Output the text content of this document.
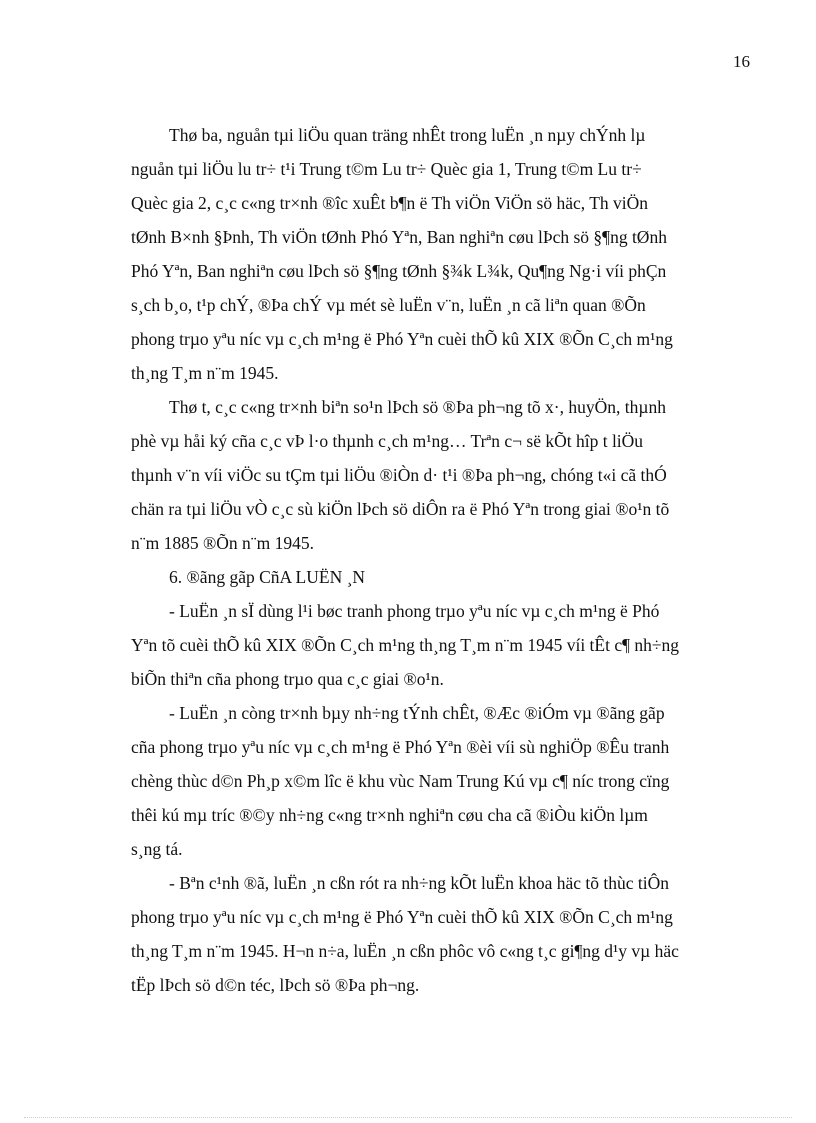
16
Thø ba, nguån tµi liÖu quan träng nhÊt trong luËn ¸n nµy chÝnh lµ
nguån tµi liÖu lu tr÷ t¹i Trung t©m Lu tr÷ Quèc gia 1, Trung t©m Lu tr÷
Quèc gia 2, c¸c c«ng tr×nh ®îc xuÊt b¶n ë Th viÖn ViÖn sö häc, Th viÖn
tØnh B×nh §Þnh, Th viÖn tØnh Phó Yªn, Ban nghiªn cøu lÞch sö §¶ng tØnh
Phó Yªn, Ban nghiªn cøu lÞch sö §¶ng tØnh §¾k L¾k, Qu¶ng Ng·i víi phÇn
s¸ch b¸o, t¹p chÝ, ®Þa chÝ vµ mét sè luËn v¨n, luËn ¸n cã liªn quan ®Õn
phong trµo yªu níc vµ c¸ch m¹ng ë Phó Yªn cuèi thÕ kû XIX ®Õn C¸ch m¹ng
th¸ng T¸m n¨m 1945.
Thø t, c¸c c«ng tr×nh biªn so¹n lÞch sö ®Þa ph¬ng tõ x·, huyÖn, thµnh
phè vµ håi ký cña c¸c vÞ l·o thµnh c¸ch m¹ng… Trªn c¬ së kÕt hîp t liÖu
thµnh v¨n víi viÖc su tÇm tµi liÖu ®iÒn d· t¹i ®Þa ph¬ng, chóng t«i cã thÓ
chän ra tµi liÖu vÒ c¸c sù kiÖn lÞch sö diÔn ra ë Phó Yªn trong giai ®o¹n tõ
n¨m 1885 ®Õn n¨m 1945.
6. ®ãng gãp CñA LUËN ¸N
- LuËn ¸n sÏ dùng l¹i bøc tranh phong trµo yªu níc vµ c¸ch m¹ng ë Phó
Yªn tõ cuèi thÕ kû XIX ®Õn C¸ch m¹ng th¸ng T¸m n¨m 1945 víi tÊt c¶ nh÷ng
biÕn thiªn cña phong trµo qua c¸c giai ®o¹n.
- LuËn ¸n còng tr×nh bµy nh÷ng tÝnh chÊt, ®Æc ®iÓm vµ ®ãng gãp
cña phong trµo yªu níc vµ c¸ch m¹ng ë Phó Yªn ®èi víi sù nghiÖp ®Êu tranh
chèng thùc d©n Ph¸p x©m lîc ë khu vùc Nam Trung Kú vµ c¶ níc trong cïng
thêi kú mµ tríc ®©y nh÷ng c«ng tr×nh nghiªn cøu cha cã ®iÒu kiÖn lµm
s¸ng tá.
- Bªn c¹nh ®ã, luËn ¸n cßn rót ra nh÷ng kÕt luËn khoa häc tõ thùc tiÔn
phong trµo yªu níc vµ c¸ch m¹ng ë Phó Yªn cuèi thÕ kû XIX ®Õn C¸ch m¹ng
th¸ng T¸m n¨m 1945. H¬n n÷a, luËn ¸n cßn phôc vô c«ng t¸c gi¶ng d¹y vµ häc
tËp lÞch sö d©n téc, lÞch sö ®Þa ph¬ng.
